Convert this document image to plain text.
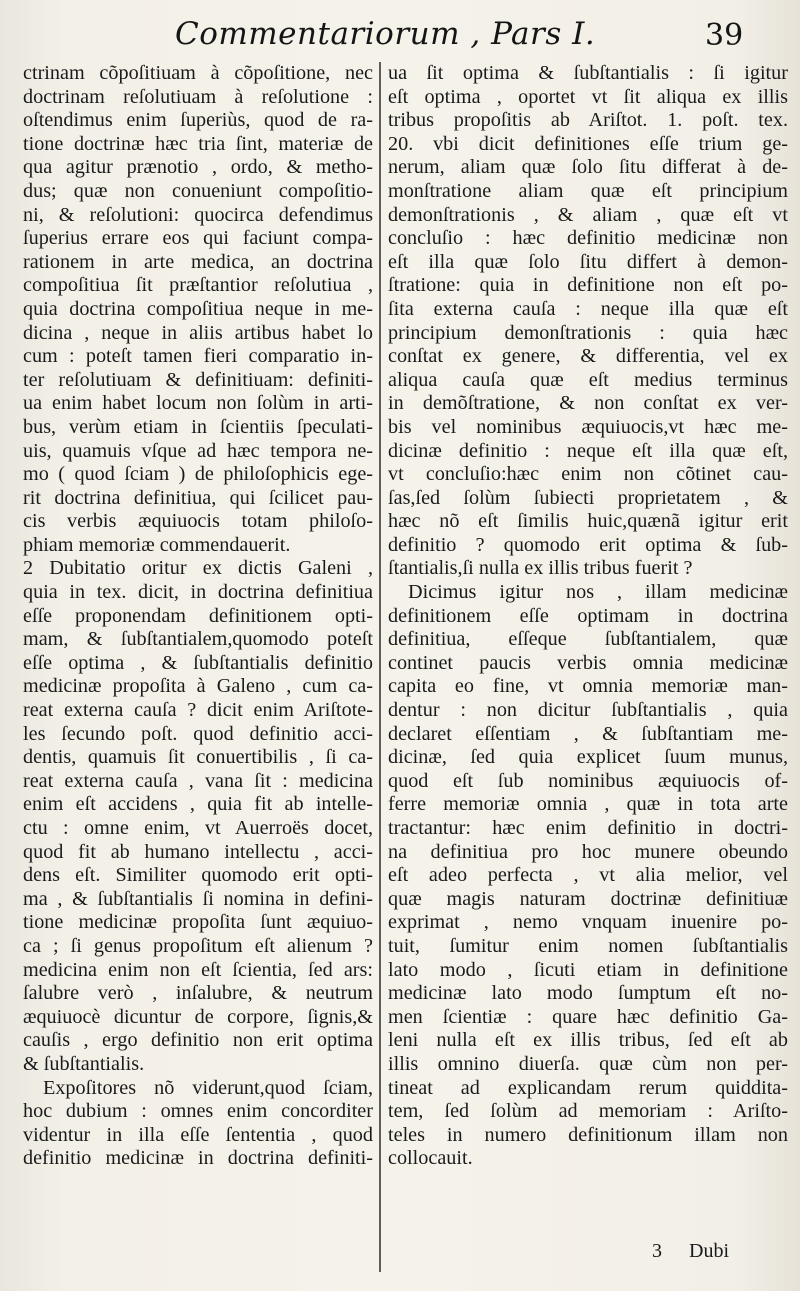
Commentariorum , Pars I.	39
ctrinam cõpoſitiuam à cõpoſitione, nec
doctrinam reſolutiuam à reſolutione :
oſtendimus enim ſuperiùs, quod de ra-
tione doctrinæ hæc tria ſint, materiæ de
qua agitur prænotio , ordo, & metho-
dus; quæ non conueniunt compoſitio-
ni, & reſolutioni: quocirca defendimus
ſuperius errare eos qui faciunt compa-
rationem in arte medica, an doctrina
compoſitiua ſit præſtantior reſolutiua ,
quia doctrina compoſitiua neque in me-
dicina , neque in aliis artibus habet lo
cum : poteſt tamen fieri comparatio in-
ter reſolutiuam & definitiuam: definiti-
ua enim habet locum non ſolùm in arti-
bus, verùm etiam in ſcientiis ſpeculati-
uis, quamuis vſque ad hæc tempora ne-
mo ( quod ſciam ) de philoſophicis ege-
rit doctrina definitiua, qui ſcilicet pau-
cis verbis æquiuocis totam philoſo-
phiam memoriæ commendauerit.
2 Dubitatio oritur ex dictis Galeni ,
quia in tex. dicit, in doctrina definitiua
eſſe proponendam definitionem opti-
mam, & ſubſtantialem,quomodo poteſt
eſſe optima , & ſubſtantialis definitio
medicinæ propoſita à Galeno , cum ca-
reat externa cauſa ? dicit enim Ariſtote-
les ſecundo poſt. quod definitio acci-
dentis, quamuis ſit conuertibilis , ſi ca-
reat externa cauſa , vana ſit : medicina
enim eſt accidens , quia fit ab intelle-
ctu : omne enim, vt Auerroës docet,
quod fit ab humano intellectu , acci-
dens eſt. Similiter quomodo erit opti-
ma , & ſubſtantialis ſi nomina in defini-
tione medicinæ propoſita ſunt æquiuo-
ca ; ſi genus propoſitum eſt alienum ?
medicina enim non eſt ſcientia, ſed ars:
ſalubre verò , inſalubre, & neutrum
æquiuocè dicuntur de corpore, ſignis,&
cauſis , ergo definitio non erit optima
& ſubſtantialis.
Expoſitores nõ viderunt,quod ſciam,
hoc dubium : omnes enim concorditer
videntur in illa eſſe ſententia , quod
definitio medicinæ in doctrina definiti-
ua ſit optima & ſubſtantialis : ſi igitur
eſt optima , oportet vt ſit aliqua ex illis
tribus propoſitis ab Ariſtot. 1. poſt. tex.
20. vbi dicit definitiones eſſe trium ge-
nerum, aliam quæ ſolo ſitu differat à de-
monſtratione aliam quæ eſt principium
demonſtrationis , & aliam , quæ eſt vt
concluſio : hæc definitio medicinæ non
eſt illa quæ ſolo ſitu differt à demon-
ſtratione: quia in definitione non eſt po-
ſita externa cauſa : neque illa quæ eſt
principium demonſtrationis : quia hæc
conſtat ex genere, & differentia, vel ex
aliqua cauſa quæ eſt medius terminus
in demõſtratione, & non conſtat ex ver-
bis vel nominibus æquiuocis,vt hæc me-
dicinæ definitio : neque eſt illa quæ eſt,
vt concluſio:hæc enim non cõtinet cau-
ſas,ſed ſolùm ſubiecti proprietatem , &
hæc nõ eſt ſimilis huic,quænã igitur erit
definitio ? quomodo erit optima & ſub-
ſtantialis,ſi nulla ex illis tribus fuerit ?
Dicimus igitur nos , illam medicinæ
definitionem eſſe optimam in doctrina
definitiua, eſſeque ſubſtantialem, quæ
continet paucis verbis omnia medicinæ
capita eo fine, vt omnia memoriæ man-
dentur : non dicitur ſubſtantialis , quia
declaret eſſentiam , & ſubſtantiam me-
dicinæ, ſed quia explicet ſuum munus,
quod eſt ſub nominibus æquiuocis of-
ferre memoriæ omnia , quæ in tota arte
tractantur: hæc enim definitio in doctri-
na definitiua pro hoc munere obeundo
eſt adeo perfecta , vt alia melior, vel
quæ magis naturam doctrinæ definitiuæ
exprimat , nemo vnquam inuenire po-
tuit, ſumitur enim nomen ſubſtantialis
lato modo , ſicuti etiam in definitione
medicinæ lato modo ſumptum eſt no-
men ſcientiæ : quare hæc definitio Ga-
leni nulla eſt ex illis tribus, ſed eſt ab
illis omnino diuerſa. quæ cùm non per-
tineat ad explicandam rerum quiddita-
tem, ſed ſolùm ad memoriam : Ariſto-
teles in numero definitionum illam non
collocauit.
3 Dubi
